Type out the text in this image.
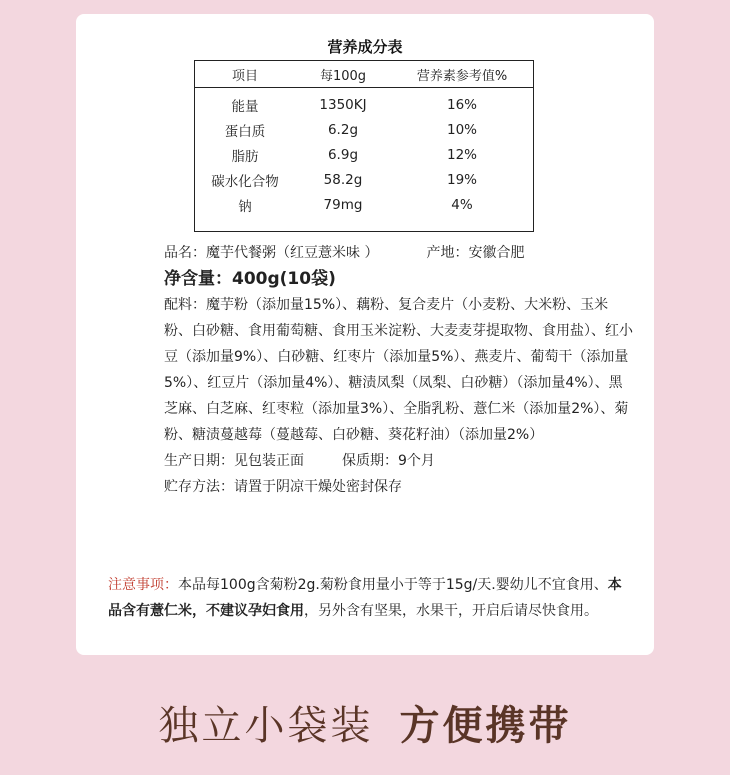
营养成分表
项目	每100g	营养素参考值%
能量	1350KJ	16%
蛋白质	6.2g	10%
脂肪	6.9g	12%
碳水化合物	58.2g	19%
钠	79mg	4%

品名：魔芋代餐粥（红豆薏米味 ）	产地：安徽合肥

净含量：400g(10袋)

配料：魔芋粉（添加量15%）、藕粉、复合麦片（小麦粉、大米粉、玉米粉、白砂糖、食用葡萄糖、食用玉米淀粉、大麦麦芽提取物、食用盐）、红小豆（添加量9%）、白砂糖、红枣片（添加量5%）、燕麦片、葡萄干（添加量5%）、红豆片（添加量4%）、糖渍凤梨（凤梨、白砂糖）（添加量4%）、黑芝麻、白芝麻、红枣粒（添加量3%）、全脂乳粉、薏仁米（添加量2%）、菊粉、糖渍蔓越莓（蔓越莓、白砂糖、葵花籽油）（添加量2%）

生产日期：见包装正面	保质期：9个月

贮存方法：请置于阴凉干燥处密封保存

注意事项：本品每100g含菊粉2g.菊粉食用量小于等于15g/天.婴幼儿不宜食用、本品含有薏仁米，不建议孕妇食用，另外含有坚果，水果干，开启后请尽快食用。
独立小袋装 方便携带
